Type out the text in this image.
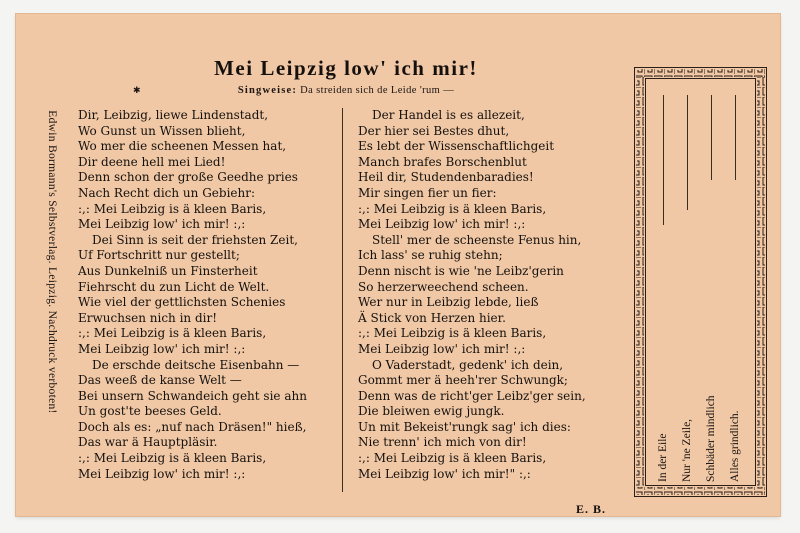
Edwin Bormann's Selbstverlag. Leipzig. Nachdruck verboten!
Mei Leipzig low' ich mir!
✱	Singweise: Da streiden sich de Leide 'rum —
Dir, Leibzig, liewe Lindenstadt,
Wo Gunst un Wissen blieht,
Wo mer die scheenen Messen hat,
Dir deene hell mei Lied!
Denn schon der große Geedhe pries
Nach Recht dich un Gebiehr:
:,: Mei Leibzig is ä kleen Baris,
Mei Leibzig low' ich mir! :,:
Dei Sinn is seit der friehsten Zeit,
Uf Fortschritt nur gestellt;
Aus Dunkelniß un Finsterheit
Fiehrscht du zun Licht de Welt.
Wie viel der gettlichsten Schenies
Erwuchsen nich in dir!
:,: Mei Leibzig is ä kleen Baris,
Mei Leibzig low' ich mir! :,:
De erschde deitsche Eisenbahn —
Das weeß de kanse Welt —
Bei unsern Schwandeich geht sie ahn
Un gost'te beeses Geld.
Doch als es: „nuf nach Dräsen!" hieß,
Das war ä Hauptpläsir.
:,: Mei Leibzig is ä kleen Baris,
Mei Leibzig low' ich mir! :,:
Der Handel is es allezeit,
Der hier sei Bestes dhut,
Es lebt der Wissenschaftlichgeit
Manch brafes Borschenblut
Heil dir, Studendenbaradies!
Mir singen fier un fier:
:,: Mei Leibzig is ä kleen Baris,
Mei Leibzig low' ich mir! :,:
Stell' mer de scheenste Fenus hin,
Ich lass' se ruhig stehn;
Denn nischt is wie 'ne Leibz'gerin
So herzerweechend scheen.
Wer nur in Leibzig lebde, ließ
Ä Stick von Herzen hier.
:,: Mei Leibzig is ä kleen Baris,
Mei Leibzig low' ich mir! :,:
O Vaderstadt, gedenk' ich dein,
Gommt mer ä heeh'rer Schwungk;
Denn was de richt'ger Leibz'ger sein,
Die bleiwen ewig jungk.
Un mit Bekeist'rungk sag' ich dies:
Nie trenn' ich mich von dir!
:,: Mei Leibzig is ä kleen Baris,
Mei Leibzig low' ich mir!" :,:
E. B.
In der Eile Nur 'ne Zeile, Schbäder mindlich Alles grindlich.
